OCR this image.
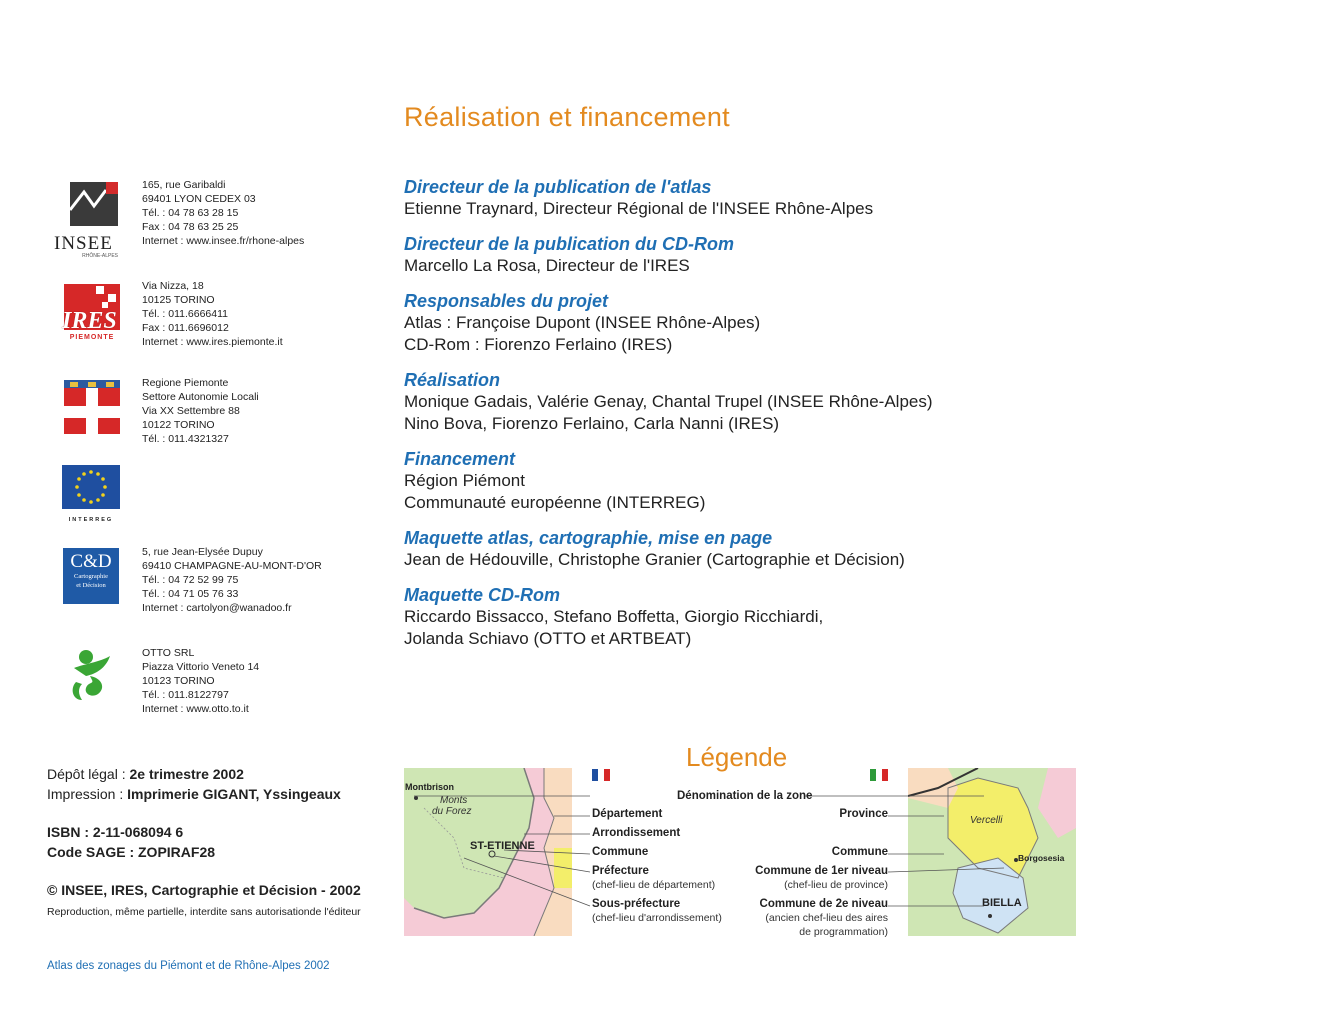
Réalisation et financement
Directeur de la publication de l'atlas
Etienne Traynard, Directeur Régional de l'INSEE Rhône-Alpes
Directeur de la publication du CD-Rom
Marcello La Rosa, Directeur de l'IRES
Responsables du projet
Atlas : Françoise Dupont (INSEE Rhône-Alpes)
CD-Rom : Fiorenzo Ferlaino (IRES)
Réalisation
Monique Gadais, Valérie Genay, Chantal Trupel (INSEE Rhône-Alpes)
Nino Bova, Fiorenzo Ferlaino, Carla Nanni (IRES)
Financement
Région Piémont
Communauté européenne (INTERREG)
Maquette atlas, cartographie, mise en page
Jean de Hédouville, Christophe Granier (Cartographie et Décision)
Maquette CD-Rom
Riccardo Bissacco, Stefano Boffetta, Giorgio Ricchiardi,
Jolanda Schiavo (OTTO et ARTBEAT)
INSEE
RHÔNE-ALPES
165, rue Garibaldi
69401 LYON CEDEX 03
Tél. : 04 78 63 28 15
Fax : 04 78 63 25 25
Internet : www.insee.fr/rhone-alpes
IRES
PIEMONTE
Via Nizza, 18
10125 TORINO
Tél. : 011.6666411
Fax : 011.6696012
Internet : www.ires.piemonte.it
Regione Piemonte
Settore Autonomie Locali
Via XX Settembre 88
10122 TORINO
Tél. : 011.4321327
INTERREG
C&D
Cartographie
et Décision
5, rue Jean-Elysée Dupuy
69410 CHAMPAGNE-AU-MONT-D'OR
Tél. : 04 72 52 99 75
Tél. : 04 71 05 76 33
Internet : cartolyon@wanadoo.fr
OTTO SRL
Piazza Vittorio Veneto 14
10123 TORINO
Tél. : 011.8122797
Internet : www.otto.to.it
Dépôt légal : 2e trimestre 2002
Impression : Imprimerie GIGANT, Yssingeaux
ISBN : 2-11-068094 6
Code SAGE : ZOPIRAF28
© INSEE, IRES, Cartographie et Décision - 2002
Reproduction, même partielle, interdite sans autorisationde l'éditeur
Atlas des zonages du Piémont et de Rhône-Alpes 2002
Légende
Montbrison
Monts
du Forez
ST-ETIENNE
Vercelli
Borgosesia
BIELLA
Dénomination de la zone
Département
Arrondissement
Commune
Préfecture
(chef-lieu de département)
Sous-préfecture
(chef-lieu d'arrondissement)
Province
Commune
Commune de 1er niveau
(chef-lieu de province)
Commune de 2e niveau
(ancien chef-lieu des aires
de programmation)
